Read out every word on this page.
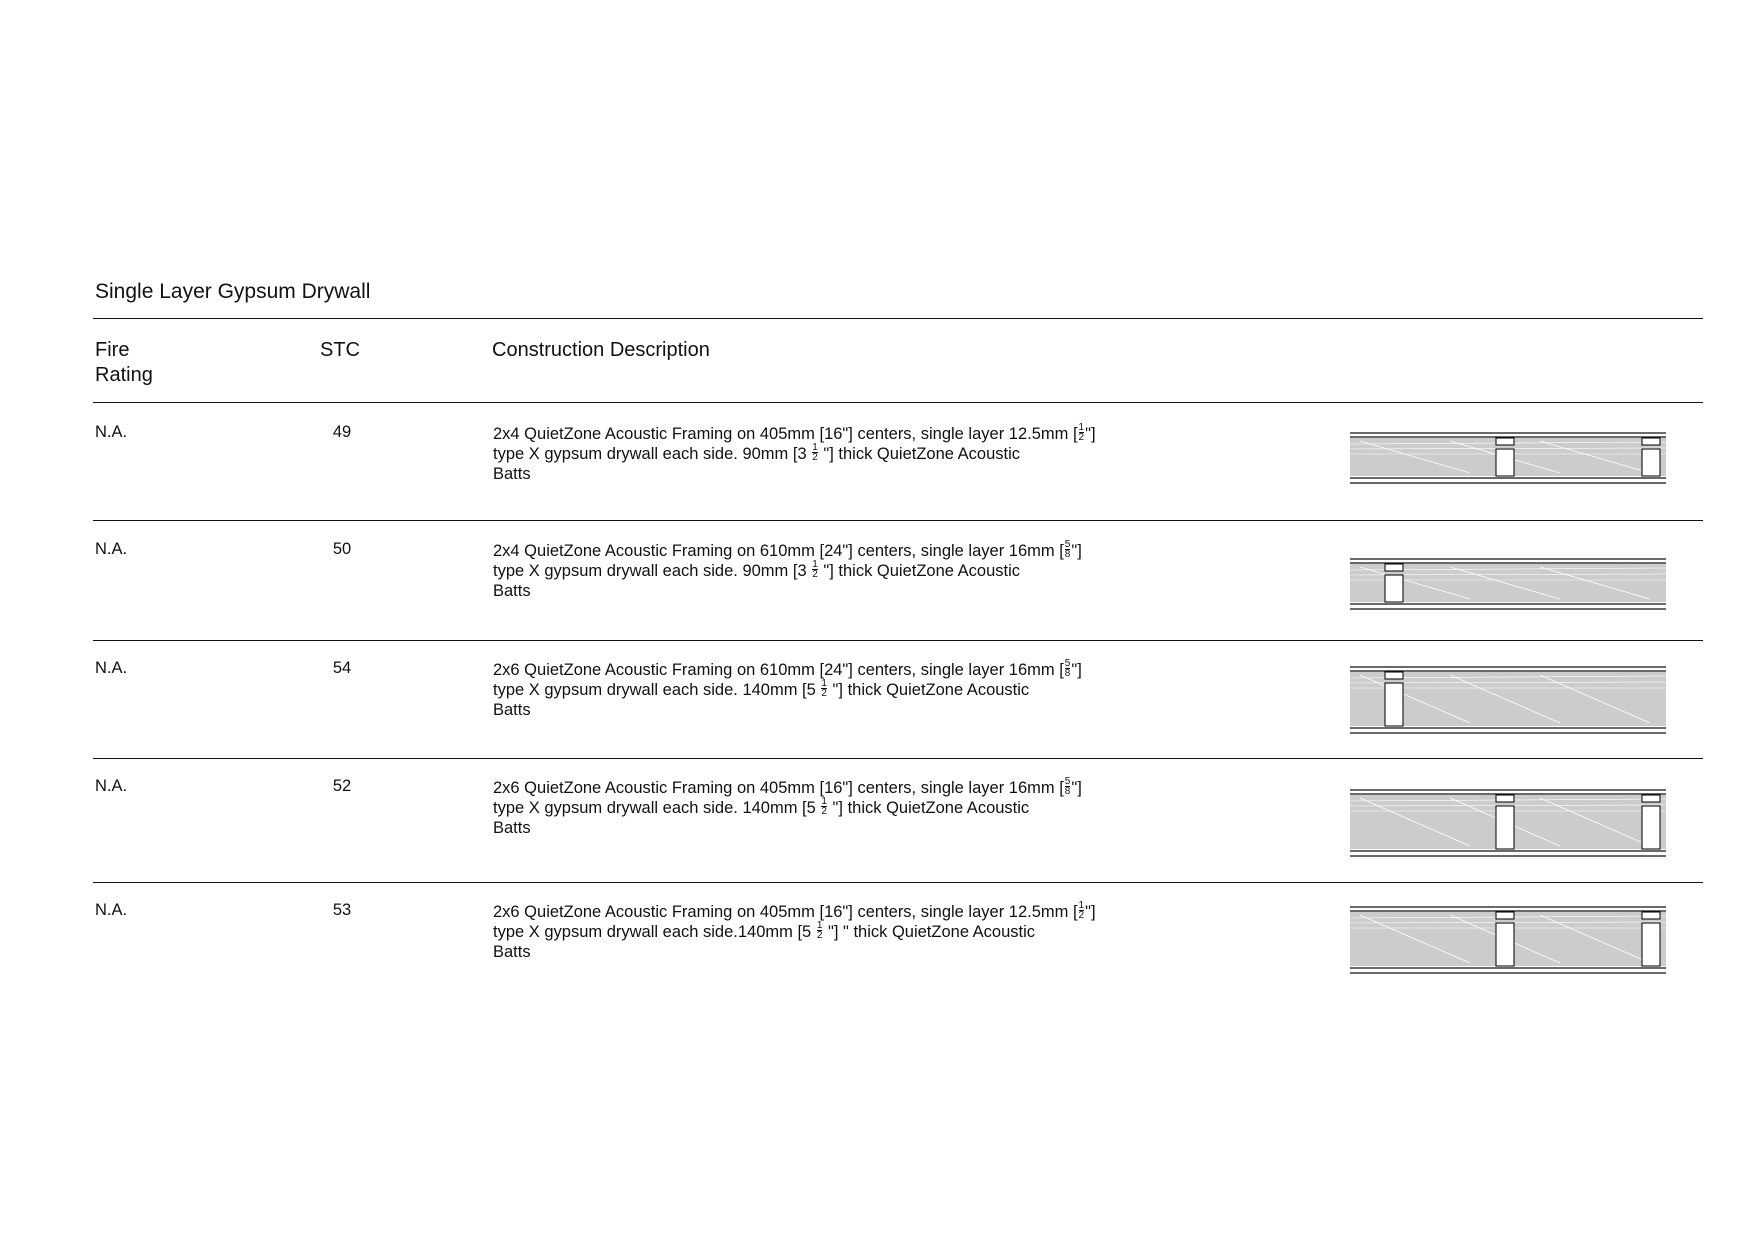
Single Layer Gypsum Drywall
Fire
Rating
STC	Construction Description
N.A.	49	2x4 QuietZone Acoustic Framing on 405mm [16"] centers, single layer 12.5mm [ $\frac{1}{2}$ "]
type X gypsum drywall each side. 90mm [$3 \frac{1}{2}$ "] thick QuietZone Acoustic
Batts
N.A.	50	2x4 QuietZone Acoustic Framing on 610mm [24"] centers, single layer 16mm [ $\frac{5}{8}$ "]
type X gypsum drywall each side. 90mm [$3 \frac{1}{2}$ "] thick QuietZone Acoustic
Batts
N.A.	54	2x6 QuietZone Acoustic Framing on 610mm [24"] centers, single layer 16mm [ $\frac{5}{8}$ "]
type X gypsum drywall each side. 140mm [$5 \frac{1}{2}$ "] thick QuietZone Acoustic
Batts
N.A.	52	2x6 QuietZone Acoustic Framing on 405mm [16"] centers, single layer 16mm [ $\frac{5}{8}$ "]
type X gypsum drywall each side. 140mm [$5 \frac{1}{2}$ "] thick QuietZone Acoustic
Batts
N.A.	53	2x6 QuietZone Acoustic Framing on 405mm [16"] centers, single layer 12.5mm [ $\frac{1}{2}$ "]
type X gypsum drywall each side.140mm [$5 \frac{1}{2}$ "] " thick QuietZone Acoustic
Batts
